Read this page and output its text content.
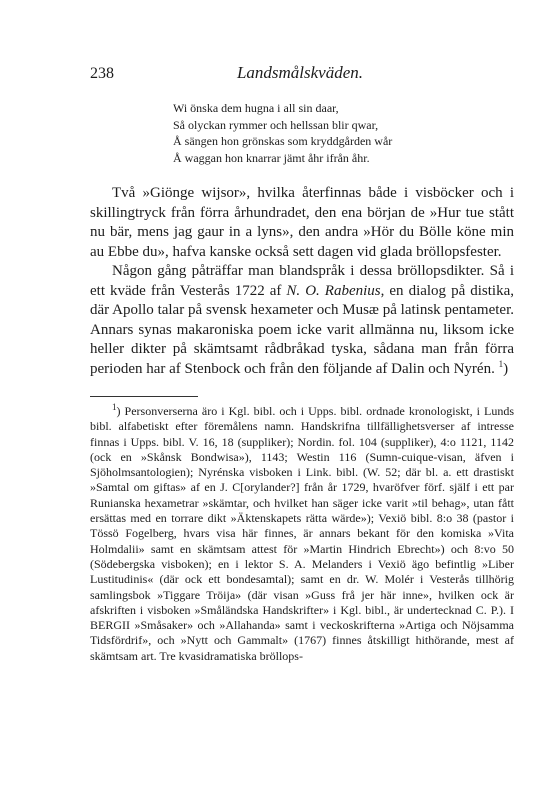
238	Landsmålskvädеn.
Wi önska dem hugna i all sin daar,
Så olyckan rymmer och hellssan blir qwar,
Å sängen hon grönskas som kryddgården wår
Å waggan hon knarrar jämt åhr ifrån åhr.

Två »Giönge wijsor», hvilka återfinnas både i visböcker och i skillingtryck från förra århundradet, den ena början de »Hur tue stått nu bär, mens jag gaur in a lyns», den andra »Hör du Bölle köne min au Ebbe du», hafva kanske också sett dagen vid glada bröllopsfester.

Någon gång påträffar man blandspråk i dessa bröllopsdikter. Så i ett kväde från Vesterås 1722 af N. O. Rabenius, en dialog på distika, där Apollo talar på svensk hexameter och Musæ på latinsk pentameter. Annars synas makaroniska poem icke varit allmänna nu, liksom icke heller dikter på skämtsamt rådbråkad tyska, sådana man från förra perioden har af Stenbock och från den följande af Dalin och Nyrén. $^1$)

$^1$) Personverserna äro i Kgl. bibl. och i Upps. bibl. ordnade kronologiskt, i Lunds bibl. alfabetiskt efter föremålens namn. Handskrifna tillfällighetsverser af intresse finnas i Upps. bibl. V. 16, 18 (suppliker); Nordin. fol. 104 (suppliker), 4:o 1121, 1142 (ock en »Skånsk Bondwisa»), 1143; Westin 116 (Sumn-cuique-visan, äfven i Sjöholmsantologien); Nyrénska visboken i Link. bibl. (W. 52; där bl. a. ett drastiskt »Samtal om giftas» af en J. C[orylander?] från år 1729, hvaröfver förf. själf i ett par Runianska hexametrar »skämtar, och hvilket han säger icke varit »til behag», utan fått ersättas med en torrare dikt »Äktenskapets rätta wärde»); Vexiö bibl. 8:o 38 (pastor i Tössö Fogelberg, hvars visa här finnes, är annars bekant för den komiska »Vita Holmdalii» samt en skämtsam attest för »Martin Hindrich Ebrecht») och 8:vo 50 (Södebergska visboken); en i lektor S. A. Melanders i Vexiö ägo befintlig »Liber Lustitudinis« (där ock ett bondesamtal); samt en dr. W. Molér i Vesterås tillhörig samlingsbok »Tiggare Tröija» (där visan »Guss frå jer här inne», hvilken ock är afskriften i visboken »Småländska Handskrifter» i Kgl. bibl., är undertecknad C. P.). I BERGII »Småsaker» och »Allahanda» samt i veckoskrifterna »Artiga och Nöjsamma Tidsfördrif», och »Nytt och Gammalt» (1767) finnes åtskilligt hithörande, mest af skämtsam art. Tre kvasidramatiska bröllops-
